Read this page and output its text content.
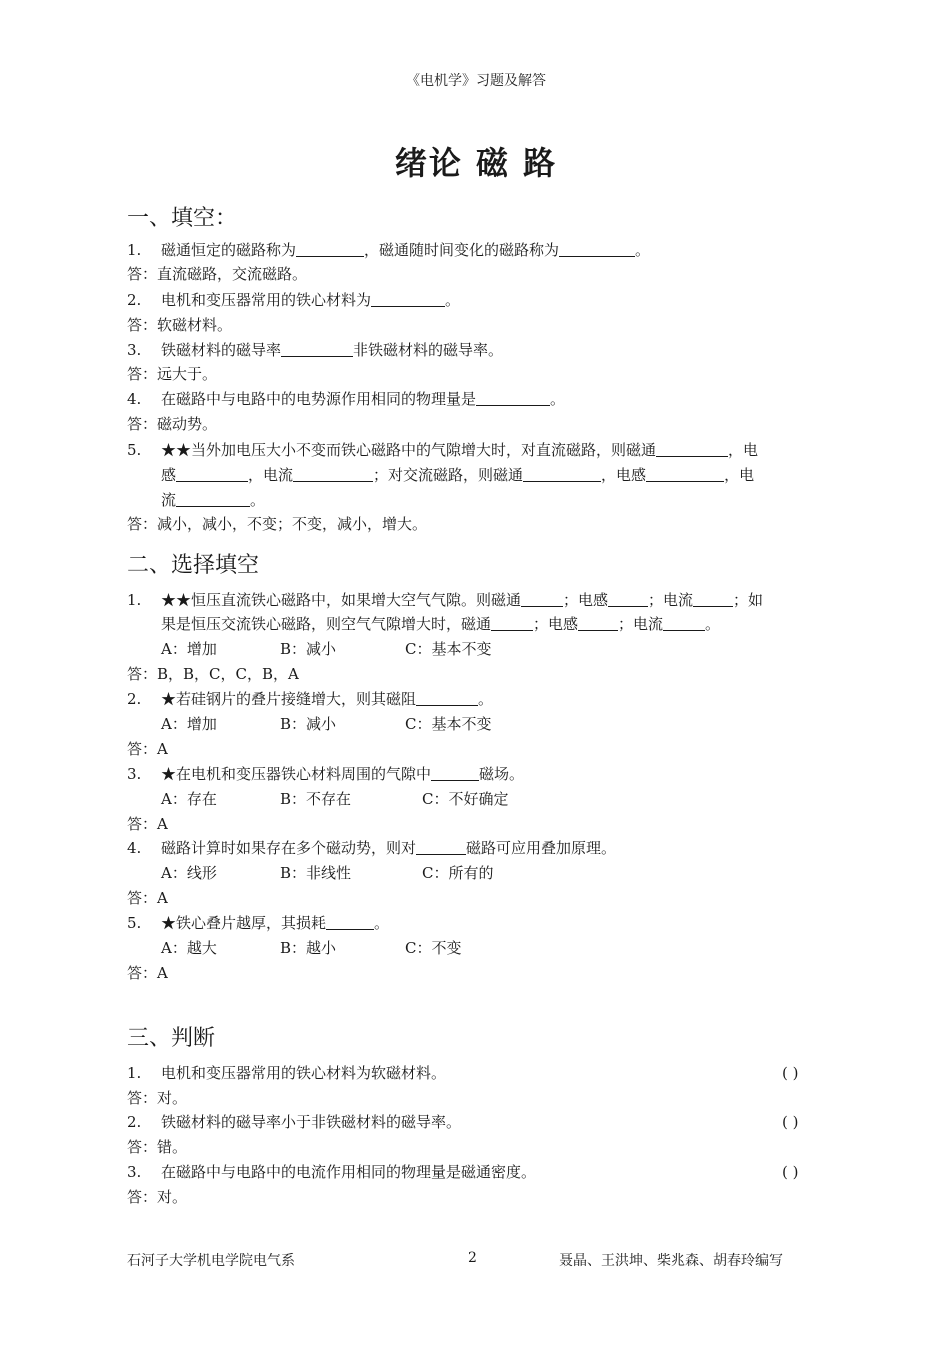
《电机学》习题及解答
绪论 磁 路
一、填空：
1. 磁通恒定的磁路称为	，磁通随时间变化的磁路称为	。
答：直流磁路，交流磁路。
2. 电机和变压器常用的铁心材料为	。
答：软磁材料。
3. 铁磁材料的磁导率	非铁磁材料的磁导率。
答：远大于。
4. 在磁路中与电路中的电势源作用相同的物理量是	。
答：磁动势。
5. ★★当外加电压大小不变而铁心磁路中的气隙增大时，对直流磁路，则磁通	，电
感	，电流	；对交流磁路，则磁通	，电感	，电
流	。
答：减小，减小，不变；不变，减小，增大。
二、选择填空
1. ★★恒压直流铁心磁路中，如果增大空气气隙。则磁通	；电感	；电流	；如
果是恒压交流铁心磁路，则空气气隙增大时，磁通	；电感	；电流	。
A：增加	B：减小	C：基本不变
答：B，B，C，C，B，A
2. ★若硅钢片的叠片接缝增大，则其磁阻	。
A：增加	B：减小	C：基本不变
答：A
3. ★在电机和变压器铁心材料周围的气隙中	磁场。
A：存在	B：不存在	C：不好确定
答：A
4. 磁路计算时如果存在多个磁动势，则对	磁路可应用叠加原理。
A：线形	B：非线性	C：所有的
答：A
5. ★铁心叠片越厚，其损耗	。
A：越大	B：越小	C：不变
答：A
三、判断
1. 电机和变压器常用的铁心材料为软磁材料。	( )
答：对。
2. 铁磁材料的磁导率小于非铁磁材料的磁导率。	( )
答：错。
3. 在磁路中与电路中的电流作用相同的物理量是磁通密度。	( )
答：对。
石河子大学机电学院电气系	2	聂晶、王洪坤、柴兆森、胡春玲编写
